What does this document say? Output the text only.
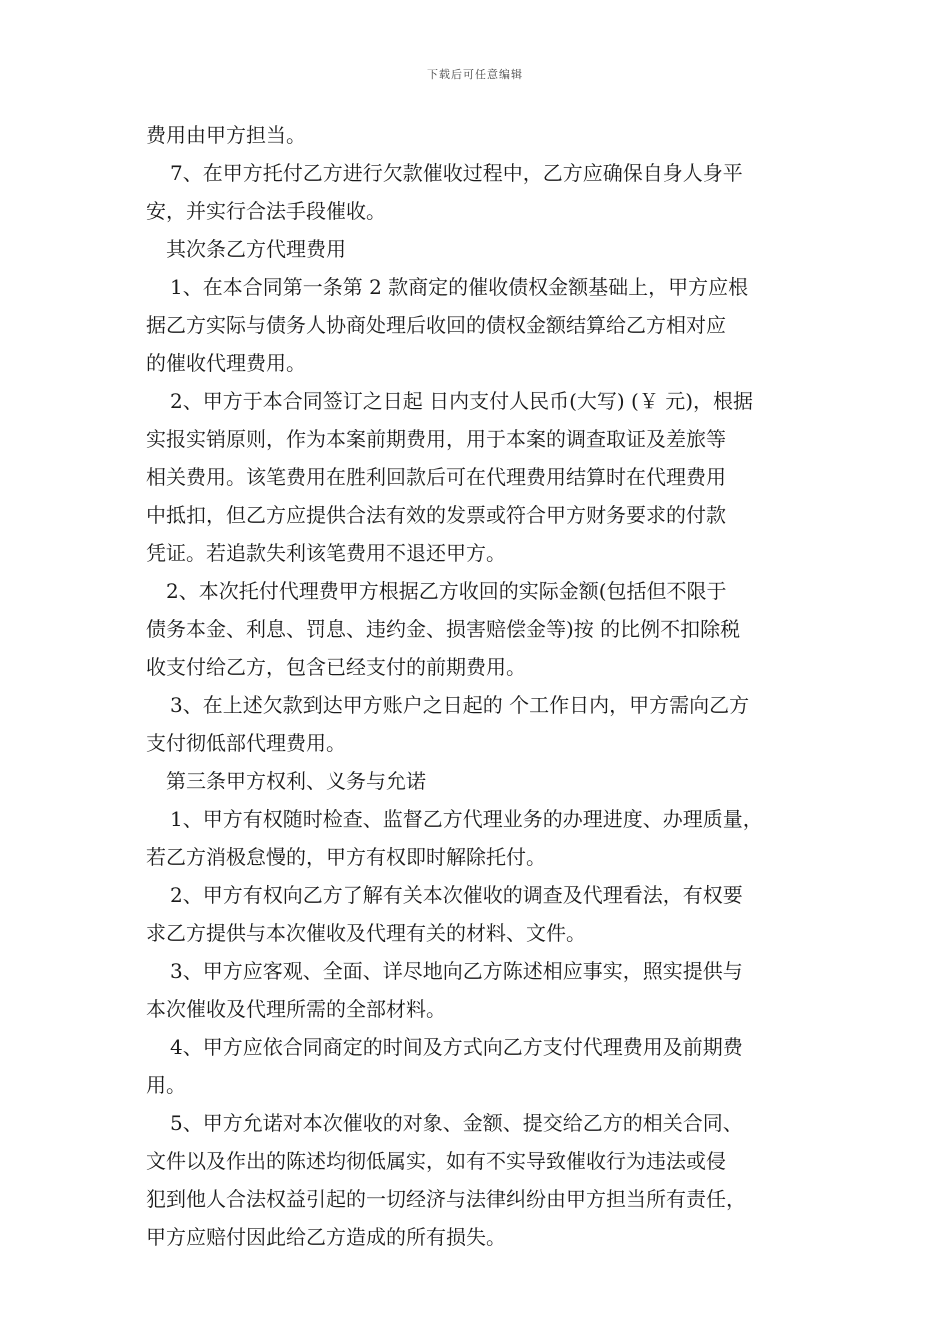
下载后可任意编辑
费用由甲方担当。
7、在甲方托付乙方进行欠款催收过程中，乙方应确保自身人身平
安，并实行合法手段催收。
其次条乙方代理费用
1、在本合同第一条第 2 款商定的催收债权金额基础上，甲方应根
据乙方实际与债务人协商处理后收回的债权金额结算给乙方相对应
的催收代理费用。
2、甲方于本合同签订之日起 日内支付人民币(大写) (￥ 元)，根据
实报实销原则，作为本案前期费用，用于本案的调查取证及差旅等
相关费用。该笔费用在胜利回款后可在代理费用结算时在代理费用
中抵扣，但乙方应提供合法有效的发票或符合甲方财务要求的付款
凭证。若追款失利该笔费用不退还甲方。
2、本次托付代理费甲方根据乙方收回的实际金额(包括但不限于
债务本金、利息、罚息、违约金、损害赔偿金等)按 的比例不扣除税
收支付给乙方，包含已经支付的前期费用。
3、在上述欠款到达甲方账户之日起的 个工作日内，甲方需向乙方
支付彻低部代理费用。
第三条甲方权利、义务与允诺
1、甲方有权随时检查、监督乙方代理业务的办理进度、办理质量，
若乙方消极怠慢的，甲方有权即时解除托付。
2、甲方有权向乙方了解有关本次催收的调查及代理看法，有权要
求乙方提供与本次催收及代理有关的材料、文件。
3、甲方应客观、全面、详尽地向乙方陈述相应事实，照实提供与
本次催收及代理所需的全部材料。
4、甲方应依合同商定的时间及方式向乙方支付代理费用及前期费
用。
5、甲方允诺对本次催收的对象、金额、提交给乙方的相关合同、
文件以及作出的陈述均彻低属实，如有不实导致催收行为违法或侵
犯到他人合法权益引起的一切经济与法律纠纷由甲方担当所有责任，
甲方应赔付因此给乙方造成的所有损失。
